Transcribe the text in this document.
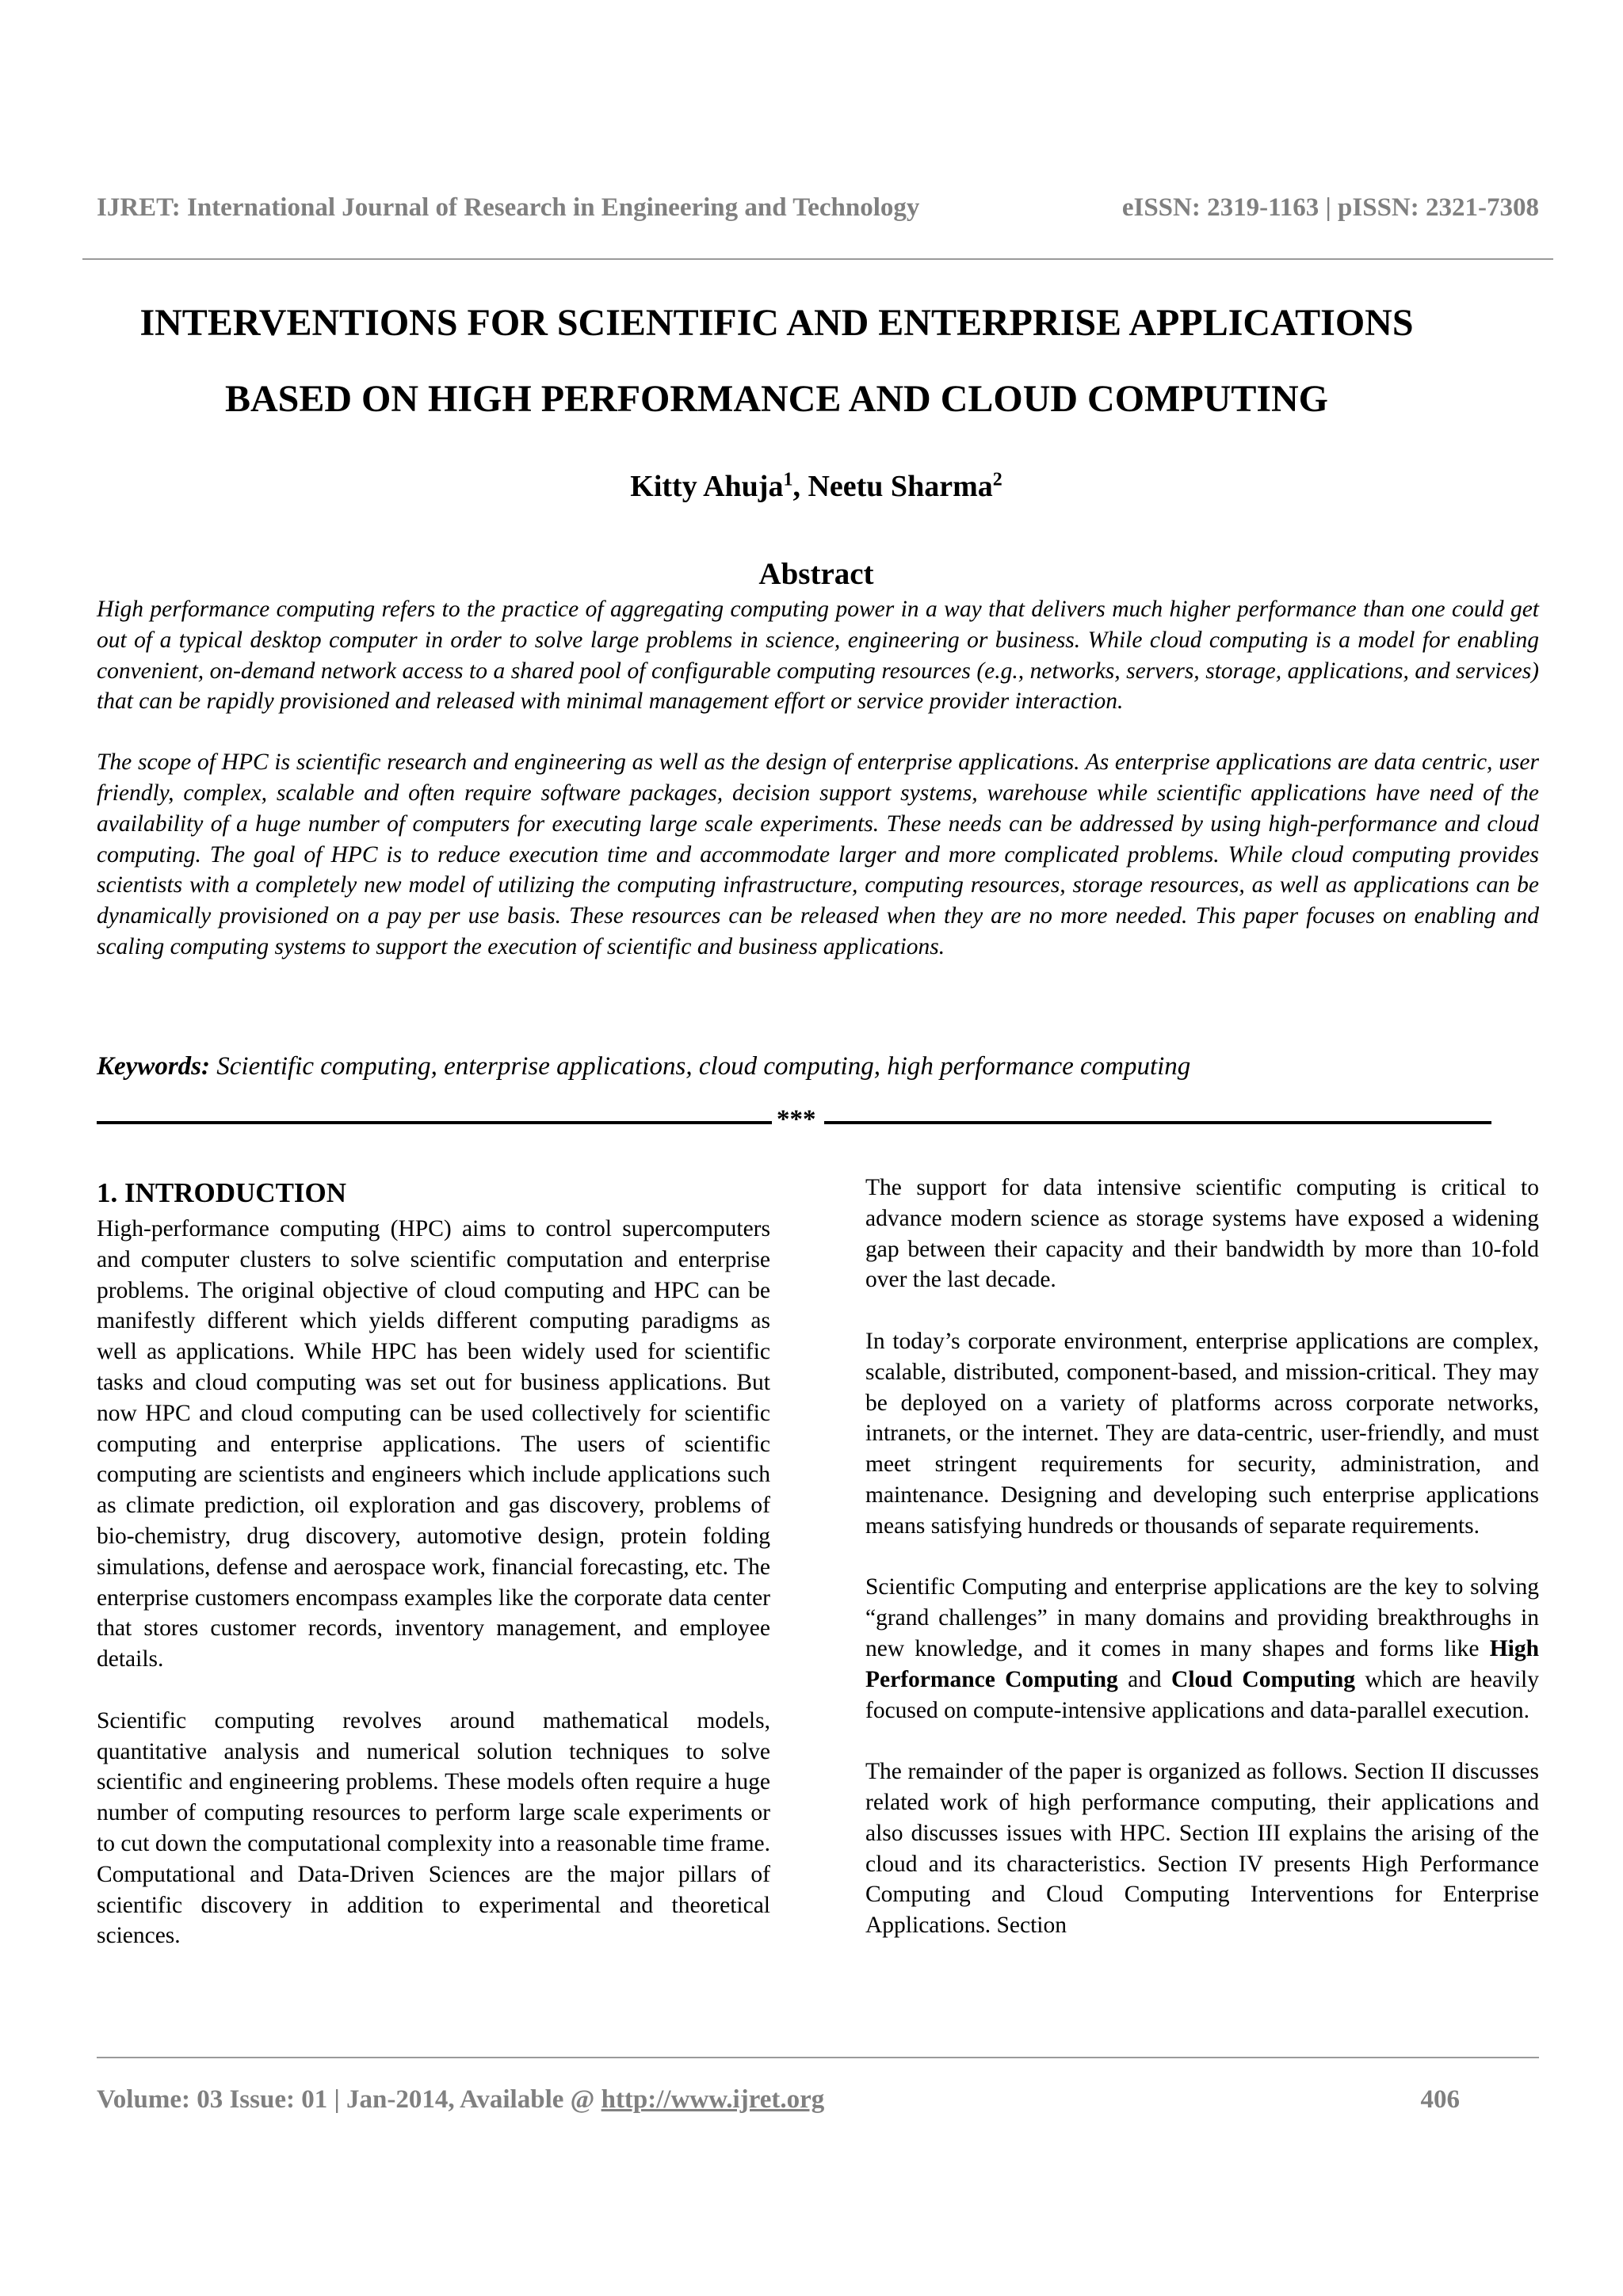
IJRET: International Journal of Research in Engineering and Technology	eISSN: 2319-1163 | pISSN: 2321-7308
INTERVENTIONS FOR SCIENTIFIC AND ENTERPRISE APPLICATIONS
BASED ON HIGH PERFORMANCE AND CLOUD COMPUTING
Kitty Ahuja$^1$, Neetu Sharma$^2$
Abstract

High performance computing refers to the practice of aggregating computing power in a way that delivers much higher performance than one could get out of a typical desktop computer in order to solve large problems in science, engineering or business. While cloud computing is a model for enabling convenient, on-demand network access to a shared pool of configurable computing resources (e.g., networks, servers, storage, applications, and services) that can be rapidly provisioned and released with minimal management effort or service provider interaction.

The scope of HPC is scientific research and engineering as well as the design of enterprise applications. As enterprise applications are data centric, user friendly, complex, scalable and often require software packages, decision support systems, warehouse while scientific applications have need of the availability of a huge number of computers for executing large scale experiments. These needs can be addressed by using high-performance and cloud computing. The goal of HPC is to reduce execution time and accommodate larger and more complicated problems. While cloud computing provides scientists with a completely new model of utilizing the computing infrastructure, computing resources, storage resources, as well as applications can be dynamically provisioned on a pay per use basis. These resources can be released when they are no more needed. This paper focuses on enabling and scaling computing systems to support the execution of scientific and business applications.

Keywords: Scientific computing, enterprise applications, cloud computing, high performance computing
***
1. INTRODUCTION

High-performance computing (HPC) aims to control supercomputers and computer clusters to solve scientific computation and enterprise problems. The original objective of cloud computing and HPC can be manifestly different which yields different computing paradigms as well as applications. While HPC has been widely used for scientific tasks and cloud computing was set out for business applications. But now HPC and cloud computing can be used collectively for scientific computing and enterprise applications. The users of scientific computing are scientists and engineers which include applications such as climate prediction, oil exploration and gas discovery, problems of bio-chemistry, drug discovery, automotive design, protein folding simulations, defense and aerospace work, financial forecasting, etc. The enterprise customers encompass examples like the corporate data center that stores customer records, inventory management, and employee details.

Scientific computing revolves around mathematical models, quantitative analysis and numerical solution techniques to solve scientific and engineering problems. These models often require a huge number of computing resources to perform large scale experiments or to cut down the computational complexity into a reasonable time frame. Computational and Data-Driven Sciences are the major pillars of scientific discovery in addition to experimental and theoretical sciences.

The support for data intensive scientific computing is critical to advance modern science as storage systems have exposed a widening gap between their capacity and their bandwidth by more than 10-fold over the last decade.

In today’s corporate environment, enterprise applications are complex, scalable, distributed, component-based, and mission-critical. They may be deployed on a variety of platforms across corporate networks, intranets, or the internet. They are data-centric, user-friendly, and must meet stringent requirements for security, administration, and maintenance. Designing and developing such enterprise applications means satisfying hundreds or thousands of separate requirements.

Scientific Computing and enterprise applications are the key to solving “grand challenges” in many domains and providing breakthroughs in new knowledge, and it comes in many shapes and forms like High Performance Computing and Cloud Computing which are heavily focused on compute-intensive applications and data-parallel execution.

The remainder of the paper is organized as follows. Section II discusses related work of high performance computing, their applications and also discusses issues with HPC. Section III explains the arising of the cloud and its characteristics. Section IV presents High Performance Computing and Cloud Computing Interventions for Enterprise Applications. Section

Volume: 03 Issue: 01 | Jan-2014, Available @ http://www.ijret.org	406
